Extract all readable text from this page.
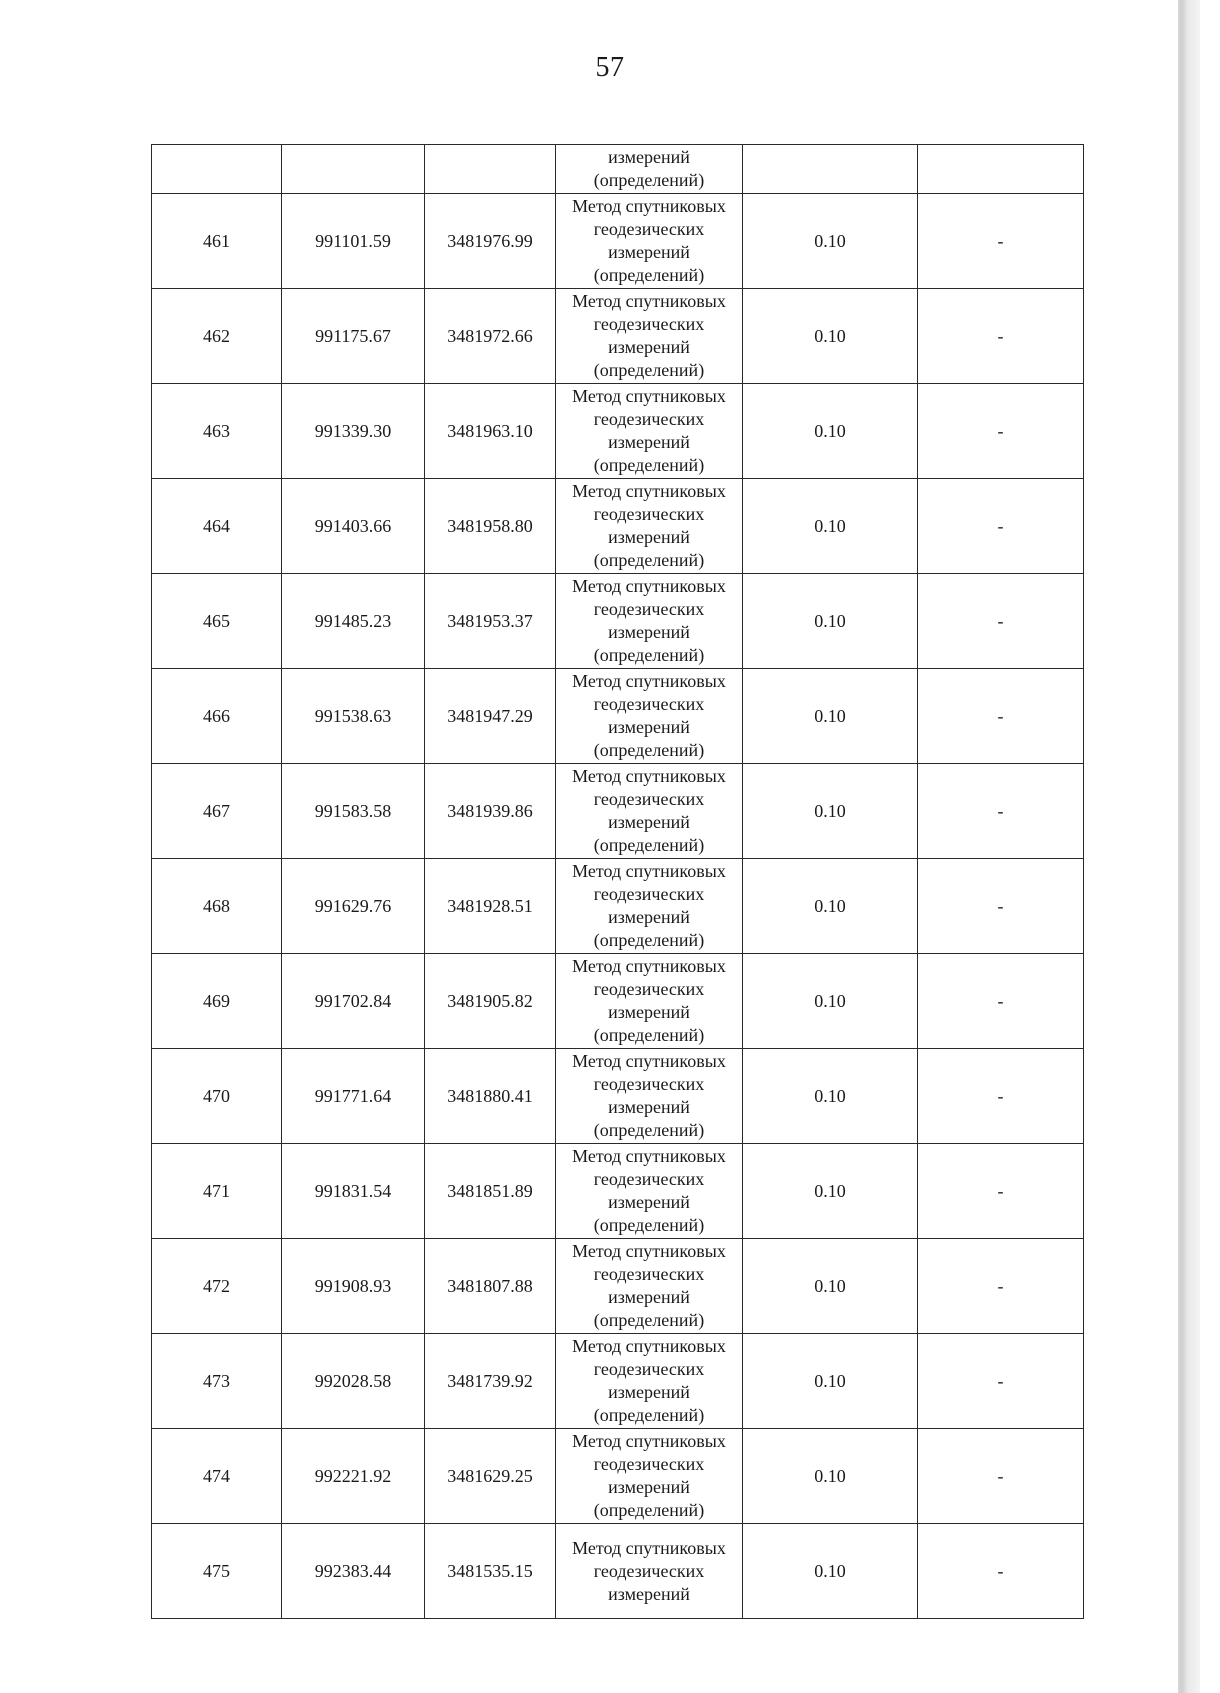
57

			измерений
(определений)		

461	991101.59	3481976.99	Метод спутниковых
геодезических
измерений
(определений)	0.10	-
462	991175.67	3481972.66	Метод спутниковых
геодезических
измерений
(определений)	0.10	-
463	991339.30	3481963.10	Метод спутниковых
геодезических
измерений
(определений)	0.10	-
464	991403.66	3481958.80	Метод спутниковых
геодезических
измерений
(определений)	0.10	-
465	991485.23	3481953.37	Метод спутниковых
геодезических
измерений
(определений)	0.10	-
466	991538.63	3481947.29	Метод спутниковых
геодезических
измерений
(определений)	0.10	-
467	991583.58	3481939.86	Метод спутниковых
геодезических
измерений
(определений)	0.10	-
468	991629.76	3481928.51	Метод спутниковых
геодезических
измерений
(определений)	0.10	-
469	991702.84	3481905.82	Метод спутниковых
геодезических
измерений
(определений)	0.10	-
470	991771.64	3481880.41	Метод спутниковых
геодезических
измерений
(определений)	0.10	-
471	991831.54	3481851.89	Метод спутниковых
геодезических
измерений
(определений)	0.10	-
472	991908.93	3481807.88	Метод спутниковых
геодезических
измерений
(определений)	0.10	-
473	992028.58	3481739.92	Метод спутниковых
геодезических
измерений
(определений)	0.10	-
474	992221.92	3481629.25	Метод спутниковых
геодезических
измерений
(определений)	0.10	-
475	992383.44	3481535.15	Метод спутниковых
геодезических
измерений	0.10	-
